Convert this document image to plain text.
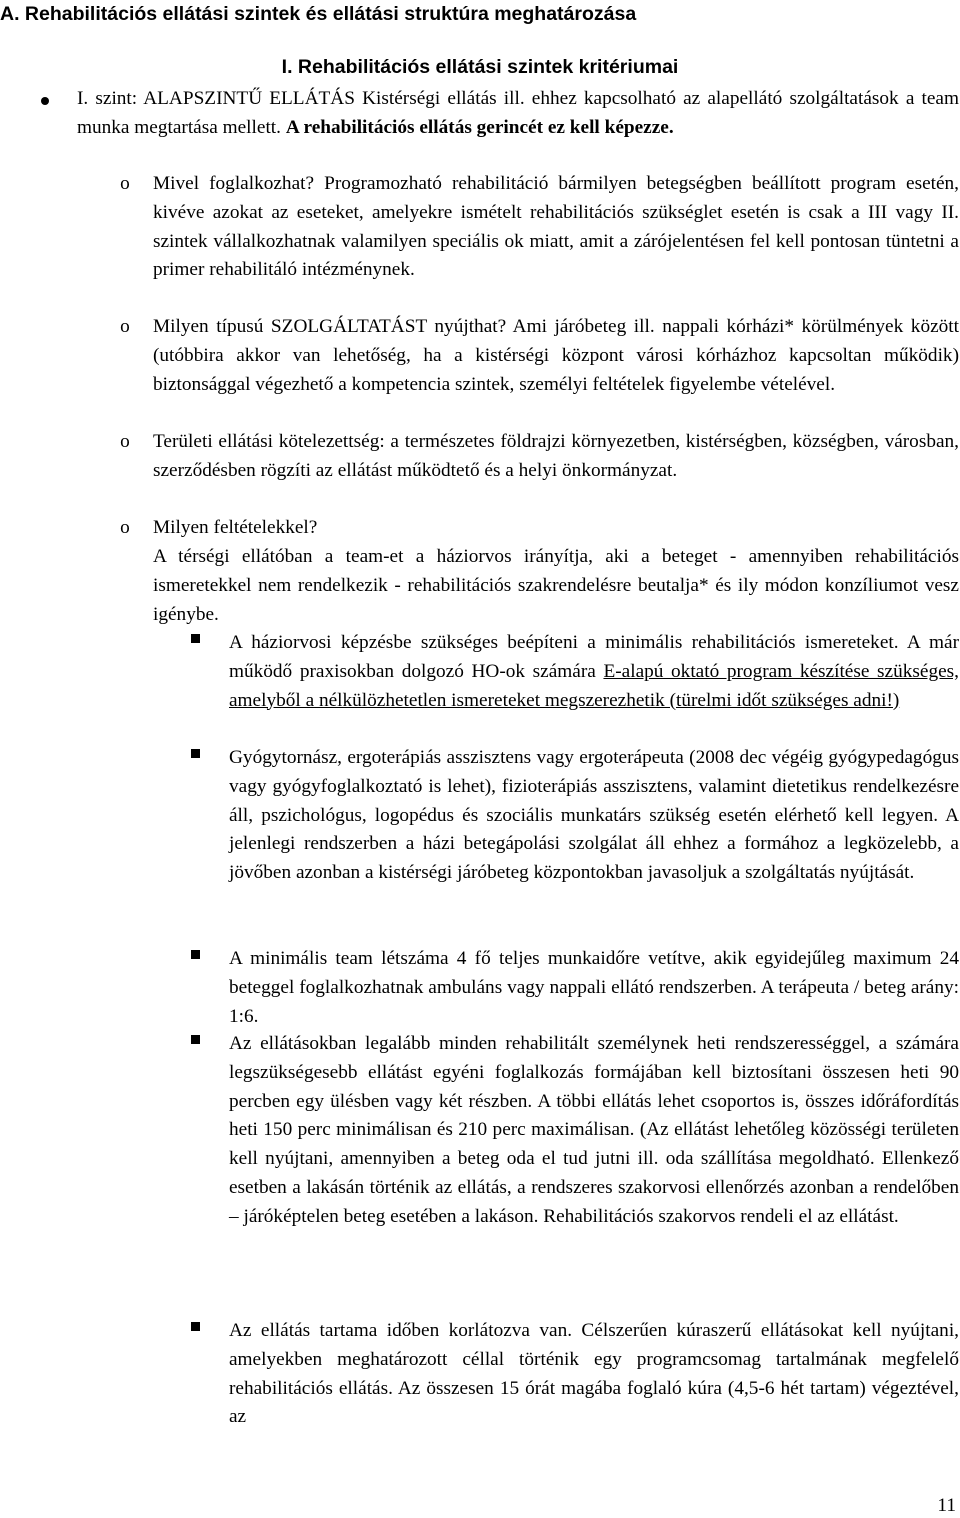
A. Rehabilitációs ellátási szintek és ellátási struktúra meghatározása
I. Rehabilitációs ellátási szintek kritériumai

I. szint: ALAPSZINTŰ ELLÁTÁS Kistérségi ellátás ill. ehhez kapcsolható az alapellátó szolgáltatások a team munka megtartása mellett. A rehabilitációs ellátás gerincét ez kell képezze.

o Mivel foglalkozhat? Programozható rehabilitáció bármilyen betegségben beállított program esetén, kivéve azokat az eseteket, amelyekre ismételt rehabilitációs szükséglet esetén is csak a III vagy II. szintek vállalkozhatnak valamilyen speciális ok miatt, amit a zárójelentésen fel kell pontosan tüntetni a primer rehabilitáló intézménynek.

o Milyen típusú SZOLGÁLTATÁST nyújthat? Ami járóbeteg ill. nappali kórházi* körülmények között (utóbbira akkor van lehetőség, ha a kistérségi központ városi kórházhoz kapcsoltan működik) biztonsággal végezhető a kompetencia szintek, személyi feltételek figyelembe vételével.

o Területi ellátási kötelezettség: a természetes földrajzi környezetben, kistérségben, községben, városban, szerződésben rögzíti az ellátást működtető és a helyi önkormányzat.

o Milyen feltételekkel?

A térségi ellátóban a team-et a háziorvos irányítja, aki a beteget - amennyiben rehabilitációs ismeretekkel nem rendelkezik - rehabilitációs szakrendelésre beutalja* és ily módon konzíliumot vesz igénybe.

A háziorvosi képzésbe szükséges beépíteni a minimális rehabilitációs ismereteket. A már működő praxisokban dolgozó HO-ok számára E-alapú oktató program készítése szükséges, amelyből a nélkülözhetetlen ismereteket megszerezhetik (türelmi időt szükséges adni!)

Gyógytornász, ergoterápiás asszisztens vagy ergoterápeuta (2008 dec végéig gyógypedagógus vagy gyógyfoglalkoztató is lehet), fizioterápiás asszisztens, valamint dietetikus rendelkezésre áll, pszichológus, logopédus és szociális munkatárs szükség esetén elérhető kell legyen. A jelenlegi rendszerben a házi betegápolási szolgálat áll ehhez a formához a legközelebb, a jövőben azonban a kistérségi járóbeteg központokban javasoljuk a szolgáltatás nyújtását.

A minimális team létszáma 4 fő teljes munkaidőre vetítve, akik egyidejűleg maximum 24 beteggel foglalkozhatnak ambuláns vagy nappali ellátó rendszerben. A terápeuta / beteg arány: 1:6.

Az ellátásokban legalább minden rehabilitált személynek heti rendszerességgel, a számára legszükségesebb ellátást egyéni foglalkozás formájában kell biztosítani összesen heti 90 percben egy ülésben vagy két részben. A többi ellátás lehet csoportos is, összes időráfordítás heti 150 perc minimálisan és 210 perc maximálisan. (Az ellátást lehetőleg közösségi területen kell nyújtani, amennyiben a beteg oda el tud jutni ill. oda szállítása megoldható. Ellenkező esetben a lakásán történik az ellátás, a rendszeres szakorvosi ellenőrzés azonban a rendelőben – járóképtelen beteg esetében a lakáson. Rehabilitációs szakorvos rendeli el az ellátást.

Az ellátás tartama időben korlátozva van. Célszerűen kúraszerű ellátásokat kell nyújtani, amelyekben meghatározott céllal történik egy programcsomag tartalmának megfelelő rehabilitációs ellátás. Az összesen 15 órát magába foglaló kúra (4,5-6 hét tartam) végeztével, az

11
